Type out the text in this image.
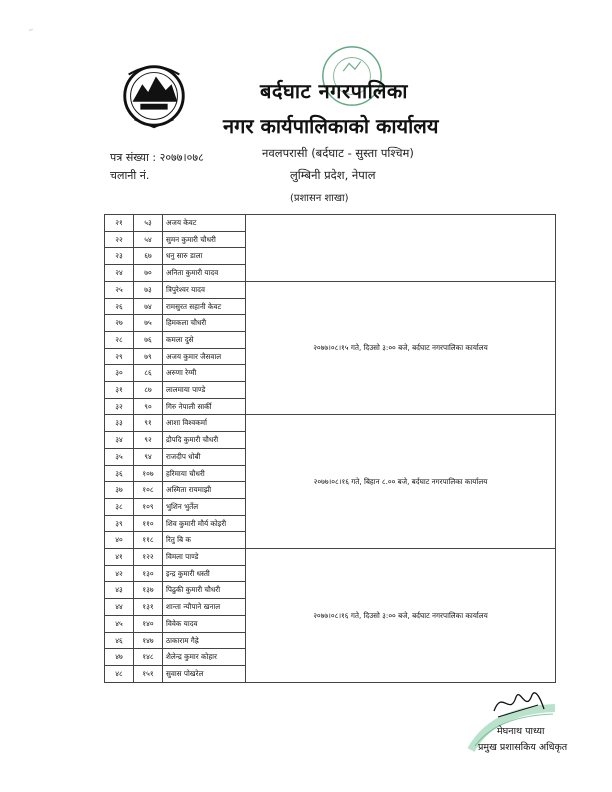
~
बर्दघाट नगरपालिका
नगर कार्यपालिकाको कार्यालय
नवलपरासी (बर्दघाट - सुस्ता पश्चिम)
लुम्बिनी प्रदेश, नेपाल
(प्रशासन शाखा)
पत्र संख्या : २०७७।०७८
चलानी नं.
२१	५३	अजय केवट	
२२	५४	सुमन कुमारी चौधरी	
२३	६७	धनु सारु डाला	
२४	७०	अनिता कुमारी यादव	
२५	७३	त्रिपुरेश्वर यादव	२०७७।०८।१५ गते, दिउसो ३:०० बजे, बर्दघाट नगरपालिका कार्यालय
२६	७४	रामसुरत सहानी केवट	
२७	७५	हिमकला चौधरी	
२८	७६	कमला दुसे	
२९	७९	अजय कुमार जैसवाल	
३०	८६	अरुणा रेग्मी	
३१	८७	लालमाया पाण्डे	
३२	९०	गिरु नेपाली सार्की	
३३	९१	आशा विश्वकर्मा	२०७७।०८।१६ गते, बिहान ८.०० बजे, बर्दघाट नगरपालिका कार्यालय
३४	९२	द्रौपदि कुमारी चौधरी	
३५	९४	राजदीप धोबी	
३६	१०७	हरिमाया चौधरी	
३७	१०८	अस्मिता रायमाझी	
३८	१०९	भुशिन भुर्तेल	
३९	११०	शिव कुमारी मौर्य कोइरी	
४०	११८	रितु बि क	
४१	१२२	विमला पाण्डे	२०७७।०८।१६ गते, दिउसो ३:०० बजे, बर्दघाट नगरपालिका कार्यालय
४२	१३०	इन्द्र कुमारी धस्ती	
४३	१३७	पिढुकी कुमारी चौधरी	
४४	१३१	शान्ता न्यौपाने खनाल	
४५	१४०	विवेक यादव	
४६	१४७	ठाकाराम गैह्रे	
४७	१४८	शैलेन्द्र कुमार कोहार	
४८	१५१	सुवास पोखरेल	
मेघनाथ पाध्या
प्रमुख प्रशासकिय अधिकृत
